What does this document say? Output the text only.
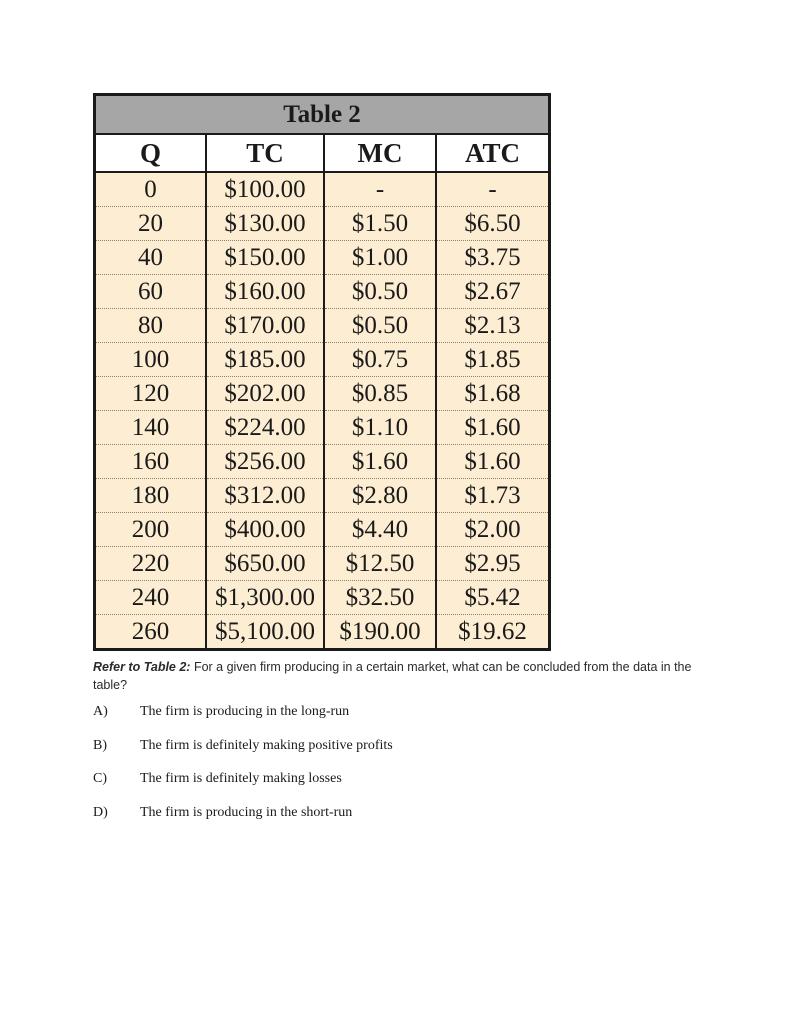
Table 2			
Q	TC	MC	ATC
0	$100.00	-	-
20	$130.00	$1.50	$6.50
40	$150.00	$1.00	$3.75
60	$160.00	$0.50	$2.67
80	$170.00	$0.50	$2.13
100	$185.00	$0.75	$1.85
120	$202.00	$0.85	$1.68
140	$224.00	$1.10	$1.60
160	$256.00	$1.60	$1.60
180	$312.00	$2.80	$1.73
200	$400.00	$4.40	$2.00
220	$650.00	$12.50	$2.95
240	$1,300.00	$32.50	$5.42
260	$5,100.00	$190.00	$19.62
Refer to Table 2: For a given firm producing in a certain market, what can be concluded from the data in the table?
A)	The firm is producing in the long-run
B)	The firm is definitely making positive profits
C)	The firm is definitely making losses
D)	The firm is producing in the short-run
